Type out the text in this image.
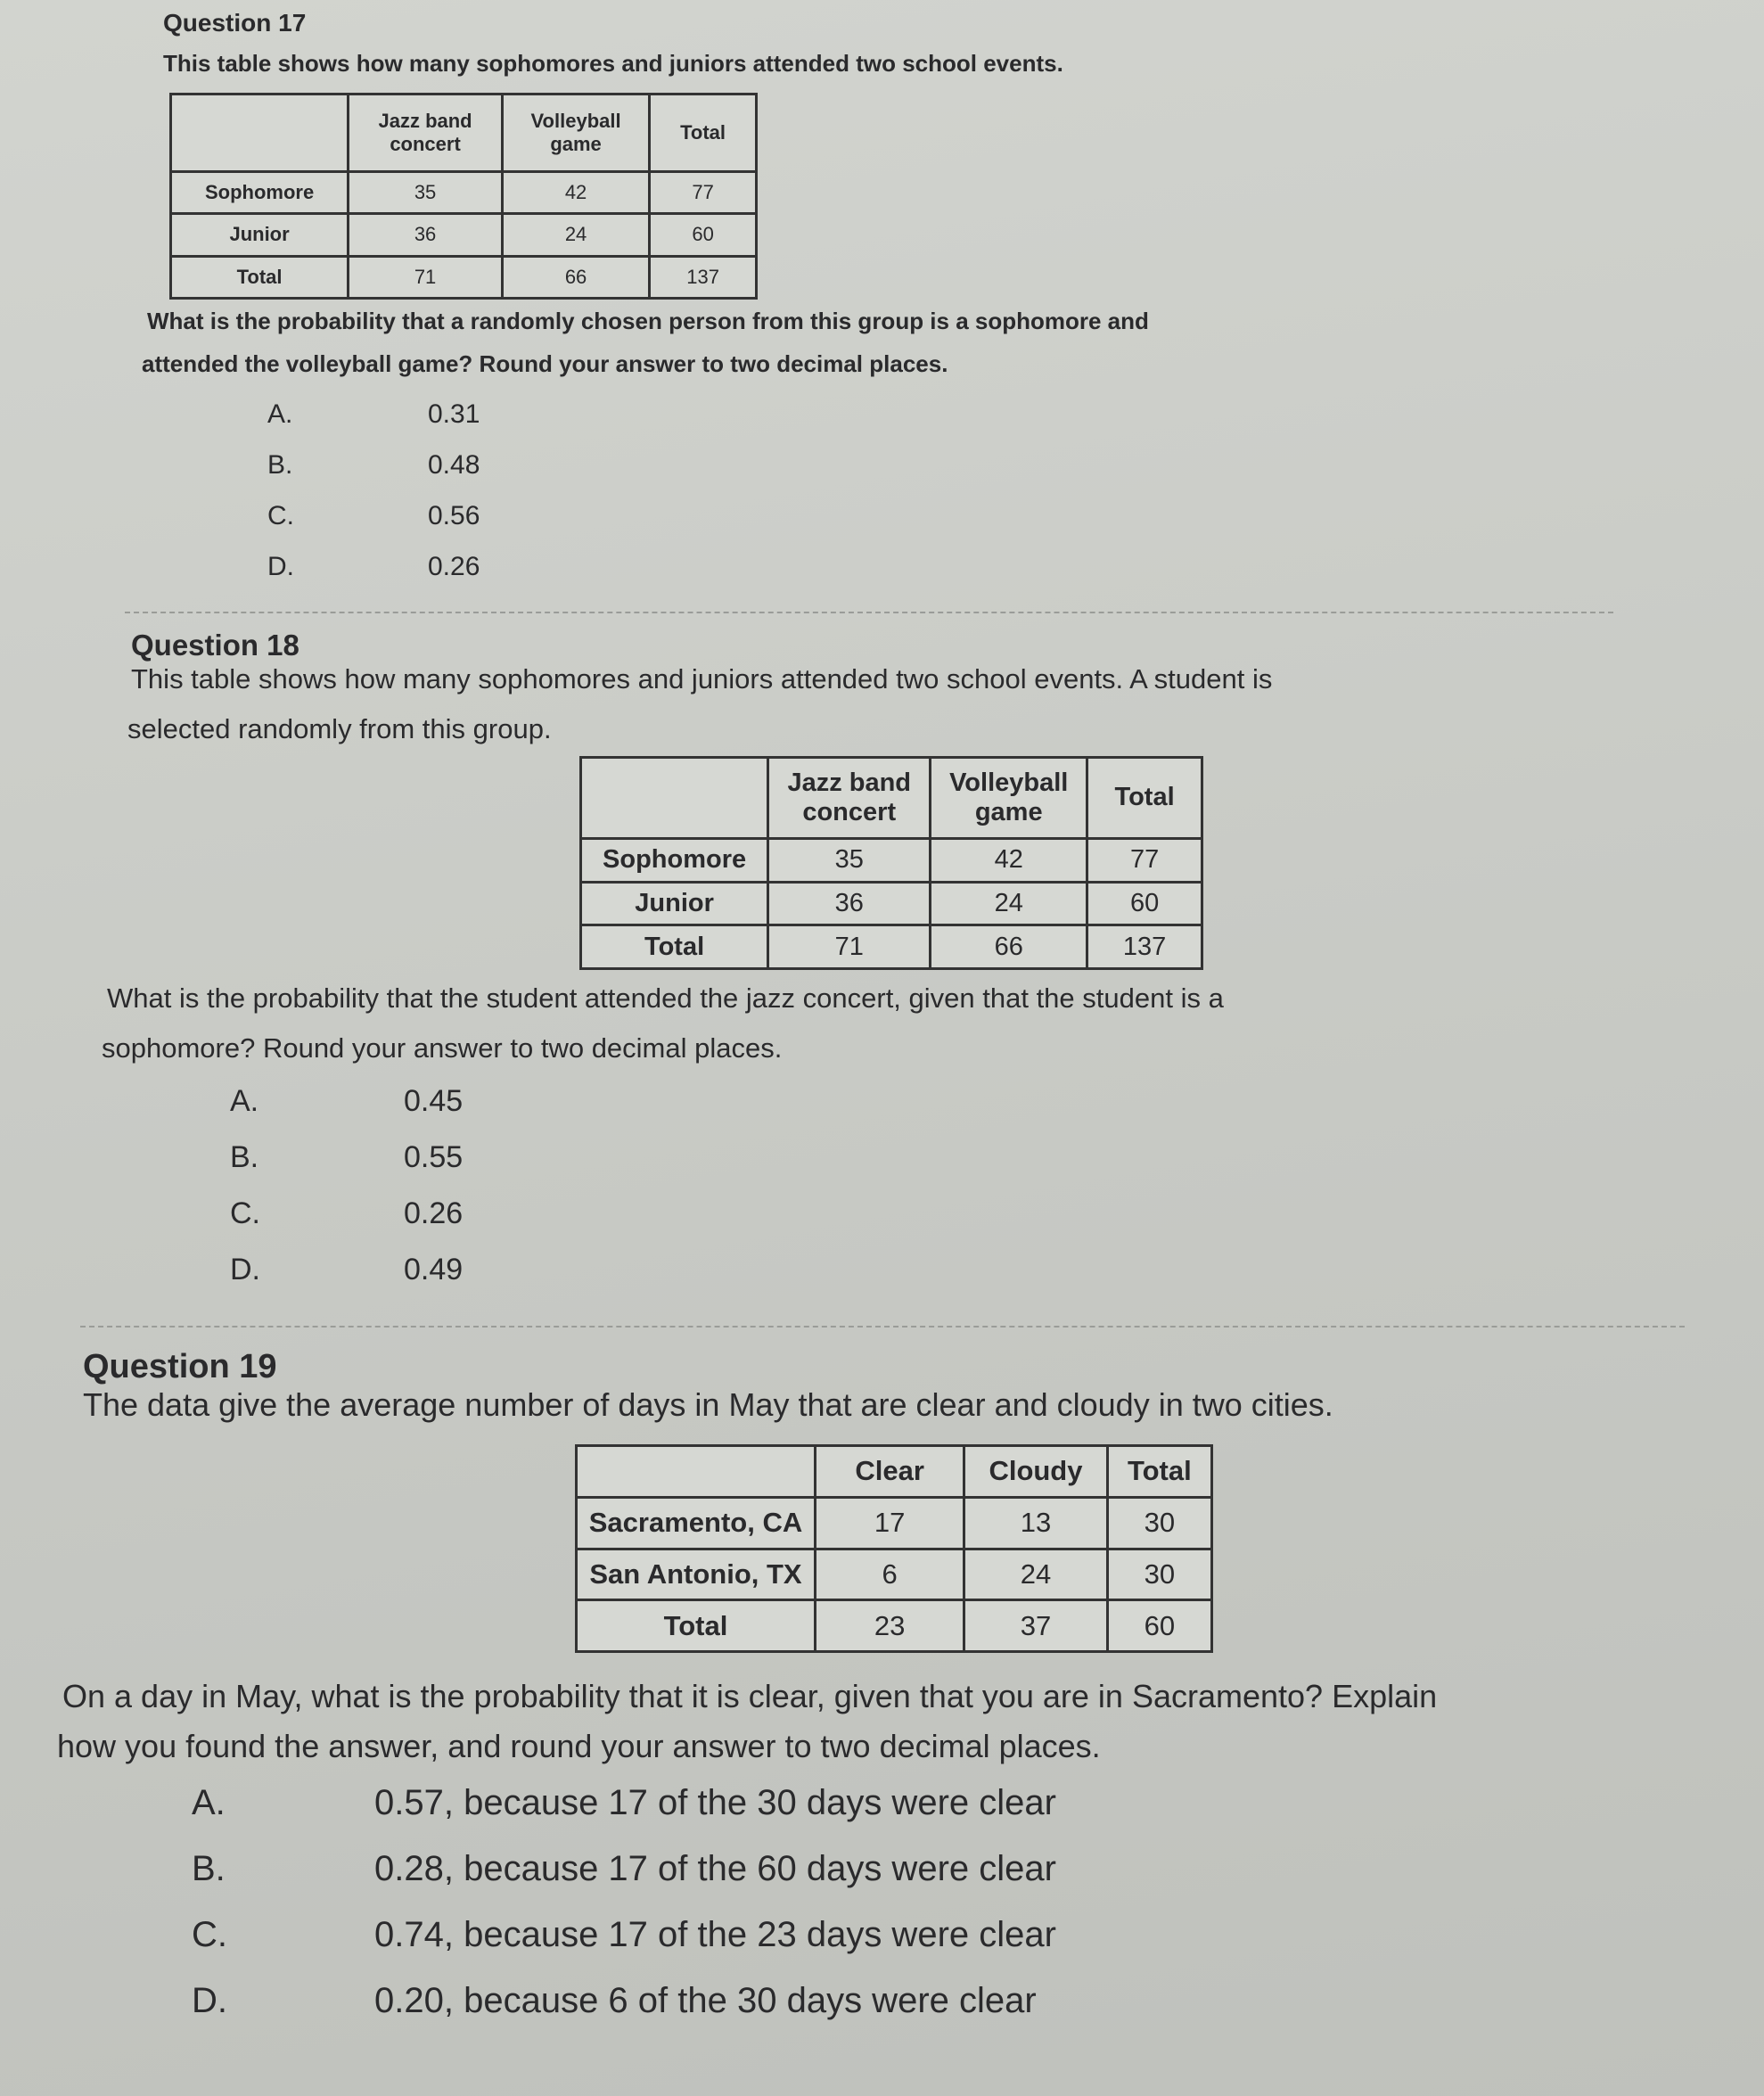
Question 17
This table shows how many sophomores and juniors attended two school events.
	Jazz band concert	Volleyball game	Total
Sophomore	35	42	77
Junior	36	24	60
Total	71	66	137
What is the probability that a randomly chosen person from this group is a sophomore and
attended the volleyball game? Round your answer to two decimal places.
A.	0.31
B.	0.48
C.	0.56
D.	0.26
Question 18
This table shows how many sophomores and juniors attended two school events. A student is
selected randomly from this group.
	Jazz band concert	Volleyball game	Total
Sophomore	35	42	77
Junior	36	24	60
Total	71	66	137
What is the probability that the student attended the jazz concert, given that the student is a
sophomore? Round your answer to two decimal places.
A.	0.45
B.	0.55
C.	0.26
D.	0.49
Question 19
The data give the average number of days in May that are clear and cloudy in two cities.
	Clear	Cloudy	Total
Sacramento, CA	17	13	30
San Antonio, TX	6	24	30
Total	23	37	60
On a day in May, what is the probability that it is clear, given that you are in Sacramento? Explain
how you found the answer, and round your answer to two decimal places.
A.	0.57, because 17 of the 30 days were clear
B.	0.28, because 17 of the 60 days were clear
C.	0.74, because 17 of the 23 days were clear
D.	0.20, because 6 of the 30 days were clear
